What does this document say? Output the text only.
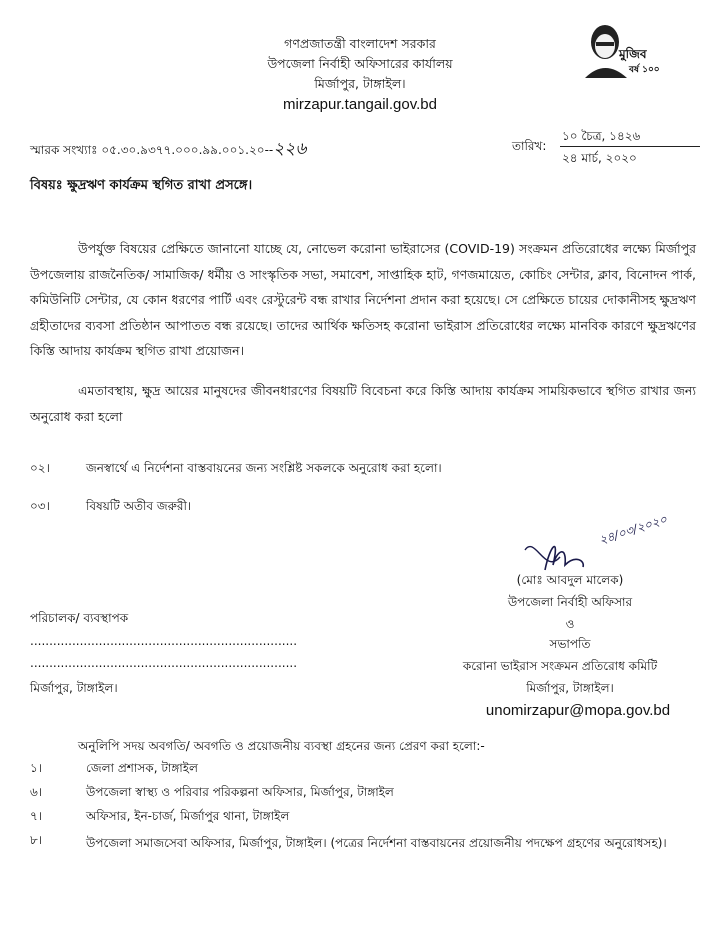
গণপ্রজাতন্ত্রী বাংলাদেশ সরকার
উপজেলা নির্বাহী অফিসারের কার্যালয়
মির্জাপুর, টাঙ্গাইল।
mirzapur.tangail.gov.bd
মুজিব
বর্ষ ১০০
স্মারক সংখ্যাঃ ০৫.৩০.৯৩৭৭.০০০.৯৯.০০১.২০--২২৬	তারিখ:
১০ চৈত্র, ১৪২৬
২৪ মার্চ, ২০২০
বিষয়ঃ ক্ষুদ্রঋণ কার্যক্রম স্থগিত রাখা প্রসঙ্গে।
উপর্যুক্ত বিষয়ের প্রেক্ষিতে জানানো যাচ্ছে যে, নোভেল করোনা ভাইরাসের (COVID-19) সংক্রমন প্রতিরোধের লক্ষ্যে মির্জাপুর উপজেলায় রাজনৈতিক/ সামাজিক/ ধর্মীয় ও সাংস্কৃতিক সভা, সমাবেশ, সাপ্তাহিক হাট, গণজমায়েত, কোচিং সেন্টার, ক্লাব, বিনোদন পার্ক, কমিউনিটি সেন্টার, যে কোন ধরণের পার্টি এবং রেস্টুরেন্ট বন্ধ রাখার নির্দেশনা প্রদান করা হয়েছে। সে প্রেক্ষিতে চায়ের দোকানীসহ ক্ষুদ্রঋণ গ্রহীতাদের ব্যবসা প্রতিষ্ঠান আপাতত বন্ধ রয়েছে। তাদের আর্থিক ক্ষতিসহ করোনা ভাইরাস প্রতিরোধের লক্ষ্যে মানবিক কারণে ক্ষুদ্রঋণের কিস্তি আদায় কার্যক্রম স্থগিত রাখা প্রয়োজন।
এমতাবস্থায়, ক্ষুদ্র আয়ের মানুষদের জীবনধারণের বিষয়টি বিবেচনা করে কিস্তি আদায় কার্যক্রম সাময়িকভাবে স্থগিত রাখার জন্য অনুরোধ করা হলো
০২।	জনস্বার্থে এ নির্দেশনা বাস্তবায়নের জন্য সংশ্লিষ্ট সকলকে অনুরোধ করা হলো।
০৩।	বিষয়টি অতীব জরুরী।
২৪/০৩/২০২০
(মোঃ আবদুল মালেক)
উপজেলা নির্বাহী অফিসার
ও
সভাপতি
করোনা ভাইরাস সংক্রমন প্রতিরোধ কমিটি
মির্জাপুর, টাঙ্গাইল।
unomirzapur@mopa.gov.bd
পরিচালক/ ব্যবস্থাপক
......................................................................
......................................................................
মির্জাপুর, টাঙ্গাইল।
অনুলিপি সদয় অবগতি/ অবগতি ও প্রয়োজনীয় ব্যবস্থা গ্রহনের জন্য প্রেরণ করা হলো:-
১।	জেলা প্রশাসক, টাঙ্গাইল
৬।	উপজেলা স্বাস্থ্য ও পরিবার পরিকল্পনা অফিসার, মির্জাপুর, টাঙ্গাইল
৭।	অফিসার, ইন-চার্জ, মির্জাপুর থানা, টাঙ্গাইল
৮।	উপজেলা সমাজসেবা অফিসার, মির্জাপুর, টাঙ্গাইল। (পত্রের নির্দেশনা বাস্তবায়নের প্রয়োজনীয় পদক্ষেপ গ্রহণের অনুরোধসহ)।
